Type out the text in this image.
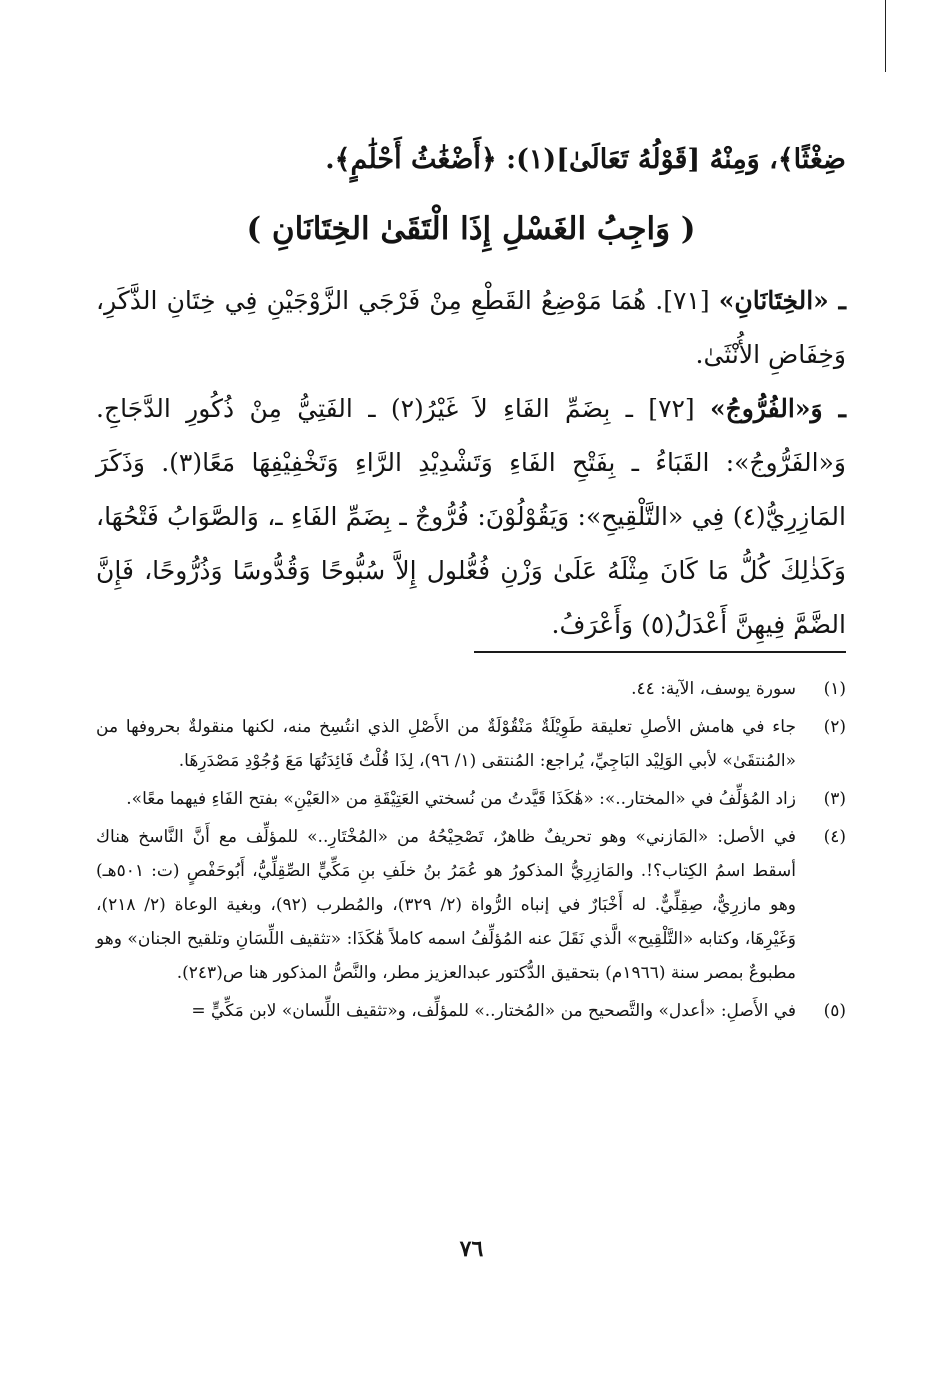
ضِغْثًا﴾، وَمِنْهُ [قَوْلُهُ تَعَالَىٰ](١): ﴿أَضْغَٰثُ أَحْلَٰمٍ﴾.

( وَاجِبُ الغَسْلِ إِذَا الْتَقَىٰ الخِتَانَانِ )

ـ «الخِتَانَانِ» [٧١]. هُمَا مَوْضِعُ القَطْعِ مِنْ فَرْجَي الزَّوْجَيْنِ فِي خِتَانِ الذَّكَرِ، وَخِفَاضِ الأُنْثَىٰ.

ـ وَ«الفُرُّوجُ» [٧٢] ـ بِضَمِّ الفَاءِ لاَ غَيْرُ(٢) ـ الفَتِيُّ مِنْ ذُكُورِ الدَّجَاجِ. وَ«الفَرُّوجُ»: القَبَاءُ ـ بِفَتْحِ الفَاءِ وَتَشْدِيْدِ الرَّاءِ وَتَخْفِيْفِهَا مَعًا(٣). وَذَكَرَ المَازِرِيُّ(٤) فِي «التَّلْقِيحِ»: وَيَقُوْلُوْنَ: فُرُّوجٌ ـ بِضَمِّ الفَاءِ ـ، وَالصَّوَابُ فَتْحُهَا، وَكَذٰلِكَ كُلُّ مَا كَانَ مِثْلَهُ عَلَىٰ وَزْنِ فُعُّلول إِلاَّ سُبُّوحًا وَقُدُّوسًا وَذُرُّوحًا، فَإِنَّ الضَّمَّ فِيهِنَّ أَعْدَلُ(٥) وَأَعْرَفُ.

(١)
سورة يوسف، الآية: ٤٤.
(٢)
جاء في هامش الأصلِ تعليقة طَوِيْلَةٌ مَنْقُوْلَةٌ من الأَصْلِ الذي انتُسِخ منه، لكنها منقولةٌ بحروفها من «المُنتقَىٰ» لأبي الوَلِيْد البَاجِيِّ، يُراجع: المُنتقى (١/ ٩٦)، لِذَا قُلْتُ فَائِدَتُهَا مَعَ وُجُوْدِ مَصْدَرِهَا.
(٣)
زاد المُؤلِّفُ في «المختار..»: «هَٰكَذَا قَيَّدتُ من نُسختي العَتِيْقَةِ من «العَيْنِ» بفتح الفَاءِ فيهما معًا».
(٤)
في الأصل: «المَازني» وهو تحريفٌ ظاهرٌ، تَصْحِيْحُهُ من «المُخْتَارِ..» للمؤلِّف مع أَنَّ النَّاسخ هناك أسقط اسمُ الكِتاب؟!. والمَازِرِيُّ المذكورُ هو عُمَرُ بنُ خلَفِ بنِ مَكِّيٍّ الصِّقِلِّيُّ، أَبُوحَفْصٍ (ت: ٥٠١هـ) وهو مازرِيٌّ، صِقِلِّيٌّ. له أَخْبَارٌ في إنباه الرُّواة (٢/ ٣٢٩)، والمُطرب (٩٢)، وبغية الوعاة (٢/ ٢١٨)، وَغَيْرِهَا، وكتابه «التَّلْقِيح» الَّذي نَقَلَ عنه المُؤلِّفُ اسمه كاملاً هَٰكَذَا: «تثقيف اللِّسَانِ وتلقيح الجنان» وهو مطبوعٌ بمصر سنة (١٩٦٦م) بتحقيق الدُّكتور عبدالعزيز مطر، والنَّصُّ المذكور هنا ص(٢٤٣).
(٥)
في الأَصلِ: «أعدل» والتَّصحيح من «المُختار..» للمؤلِّف، و«تثقيف اللِّسان» لابن مَكِّيٍّ =
٧٦
